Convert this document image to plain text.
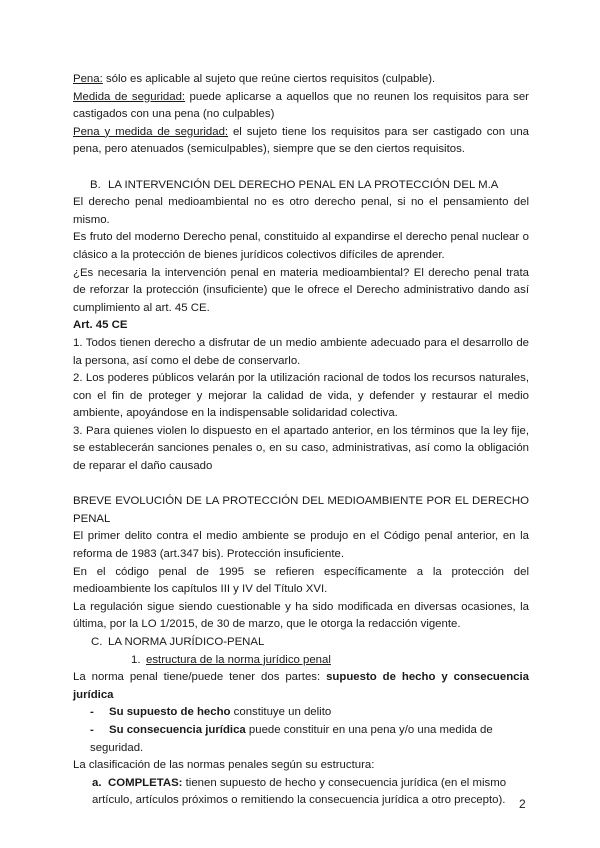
Pena: sólo es aplicable al sujeto que reúne ciertos requisitos (culpable).

Medida de seguridad: puede aplicarse a aquellos que no reunen los requisitos para ser castigados con una pena (no culpables)

Pena y medida de seguridad: el sujeto tiene los requisitos para ser castigado con una pena, pero atenuados (semiculpables), siempre que se den ciertos requisitos.

B. LA INTERVENCIÓN DEL DERECHO PENAL EN LA PROTECCIÓN DEL M.A

El derecho penal medioambiental no es otro derecho penal, si no el pensamiento del mismo.

Es fruto del moderno Derecho penal, constituido al expandirse el derecho penal nuclear o clásico a la protección de bienes jurídicos colectivos difíciles de aprender.

¿Es necesaria la intervención penal en materia medioambiental? El derecho penal trata de reforzar la protección (insuficiente) que le ofrece el Derecho administrativo dando así cumplimiento al art. 45 CE.

Art. 45 CE

1. Todos tienen derecho a disfrutar de un medio ambiente adecuado para el desarrollo de la persona, así como el debe de conservarlo.

2. Los poderes públicos velarán por la utilización racional de todos los recursos naturales, con el fin de proteger y mejorar la calidad de vida, y defender y restaurar el medio ambiente, apoyándose en la indispensable solidaridad colectiva.

3. Para quienes violen lo dispuesto en el apartado anterior, en los términos que la ley fije, se establecerán sanciones penales o, en su caso, administrativas, así como la obligación de reparar el daño causado

BREVE EVOLUCIÓN DE LA PROTECCIÓN DEL MEDIOAMBIENTE POR EL DERECHO PENAL

El primer delito contra el medio ambiente se produjo en el Código penal anterior, en la reforma de 1983 (art.347 bis). Protección insuficiente.

En el código penal de 1995 se refieren específicamente a la protección del medioambiente los capítulos III y IV del Título XVI.

La regulación sigue siendo cuestionable y ha sido modificada en diversas ocasiones, la última, por la LO 1/2015, de 30 de marzo, que le otorga la redacción vigente.

C. LA NORMA JURÍDICO-PENAL

1. estructura de la norma jurídico penal

La norma penal tiene/puede tener dos partes: supuesto de hecho y consecuencia jurídica

- Su supuesto de hecho constituye un delito

- Su consecuencia jurídica puede constituir en una pena y/o una medida de seguridad.

La clasificación de las normas penales según su estructura:

a. COMPLETAS: tienen supuesto de hecho y consecuencia jurídica (en el mismo

artículo, artículos próximos o remitiendo la consecuencia jurídica a otro precepto).	2
